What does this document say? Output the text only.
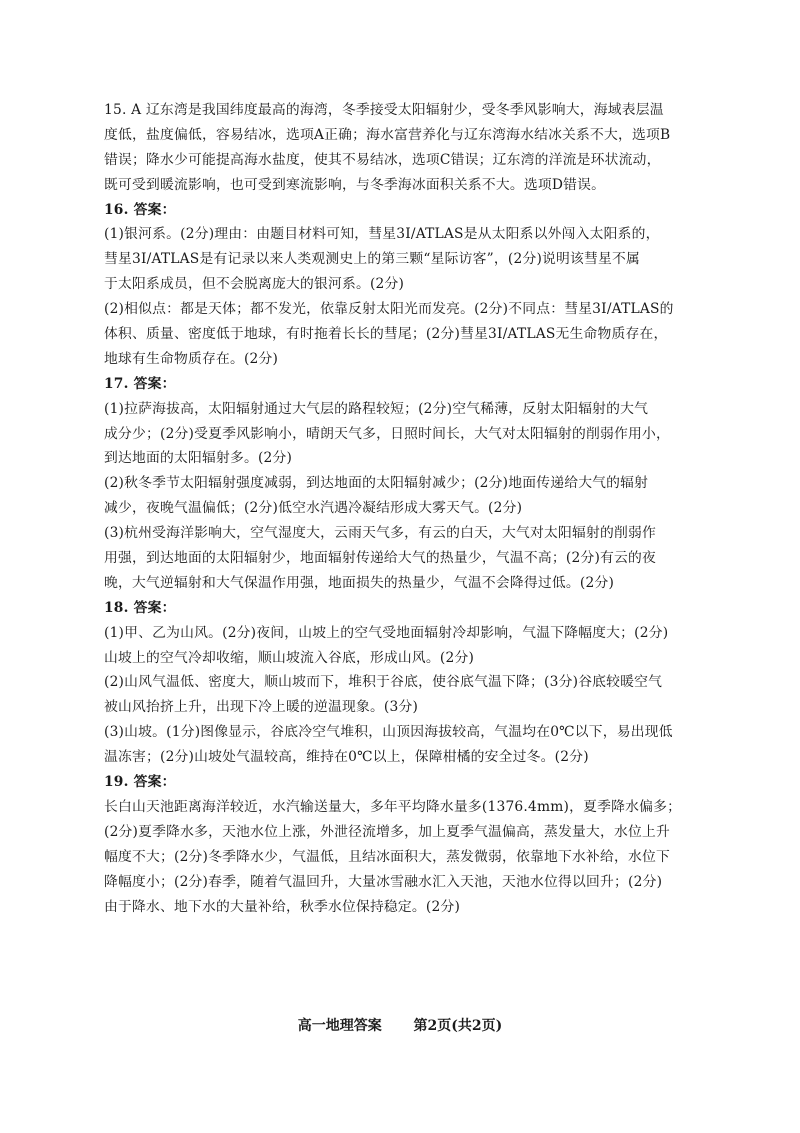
15. A 辽东湾是我国纬度最高的海湾，冬季接受太阳辐射少，受冬季风影响大，海域表层温
度低，盐度偏低，容易结冰，选项A正确；海水富营养化与辽东湾海水结冰关系不大，选项B
错误；降水少可能提高海水盐度，使其不易结冰，选项C错误；辽东湾的洋流是环状流动，
既可受到暖流影响，也可受到寒流影响，与冬季海冰面积关系不大。选项D错误。
16. 答案：
(1)银河系。(2分)理由：由题目材料可知，彗星3I/ATLAS是从太阳系以外闯入太阳系的，
彗星3I/ATLAS是有记录以来人类观测史上的第三颗“星际访客”，(2分)说明该彗星不属
于太阳系成员，但不会脱离庞大的银河系。(2分)
(2)相似点：都是天体；都不发光，依靠反射太阳光而发亮。(2分)不同点：彗星3I/ATLAS的
体积、质量、密度低于地球，有时拖着长长的彗尾；(2分)彗星3I/ATLAS无生命物质存在，
地球有生命物质存在。(2分)
17. 答案：
(1)拉萨海拔高，太阳辐射通过大气层的路程较短；(2分)空气稀薄，反射太阳辐射的大气
成分少；(2分)受夏季风影响小，晴朗天气多，日照时间长，大气对太阳辐射的削弱作用小，
到达地面的太阳辐射多。(2分)
(2)秋冬季节太阳辐射强度减弱，到达地面的太阳辐射减少；(2分)地面传递给大气的辐射
减少，夜晚气温偏低；(2分)低空水汽遇冷凝结形成大雾天气。(2分)
(3)杭州受海洋影响大，空气湿度大，云雨天气多，有云的白天，大气对太阳辐射的削弱作
用强，到达地面的太阳辐射少，地面辐射传递给大气的热量少，气温不高；(2分)有云的夜
晚，大气逆辐射和大气保温作用强，地面损失的热量少，气温不会降得过低。(2分)
18. 答案：
(1)甲、乙为山风。(2分)夜间，山坡上的空气受地面辐射冷却影响，气温下降幅度大；(2分)
山坡上的空气冷却收缩，顺山坡流入谷底，形成山风。(2分)
(2)山风气温低、密度大，顺山坡而下，堆积于谷底，使谷底气温下降；(3分)谷底较暖空气
被山风抬挤上升，出现下冷上暖的逆温现象。(3分)
(3)山坡。(1分)图像显示，谷底冷空气堆积，山顶因海拔较高，气温均在0℃以下，易出现低
温冻害；(2分)山坡处气温较高，维持在0℃以上，保障柑橘的安全过冬。(2分)
19. 答案：
长白山天池距离海洋较近，水汽输送量大，多年平均降水量多(1376.4mm)，夏季降水偏多；
(2分)夏季降水多，天池水位上涨，外泄径流增多，加上夏季气温偏高，蒸发量大，水位上升
幅度不大；(2分)冬季降水少，气温低，且结冰面积大，蒸发微弱，依靠地下水补给，水位下
降幅度小；(2分)春季，随着气温回升，大量冰雪融水汇入天池，天池水位得以回升；(2分)
由于降水、地下水的大量补给，秋季水位保持稳定。(2分)
高一地理答案 第2页(共2页)
